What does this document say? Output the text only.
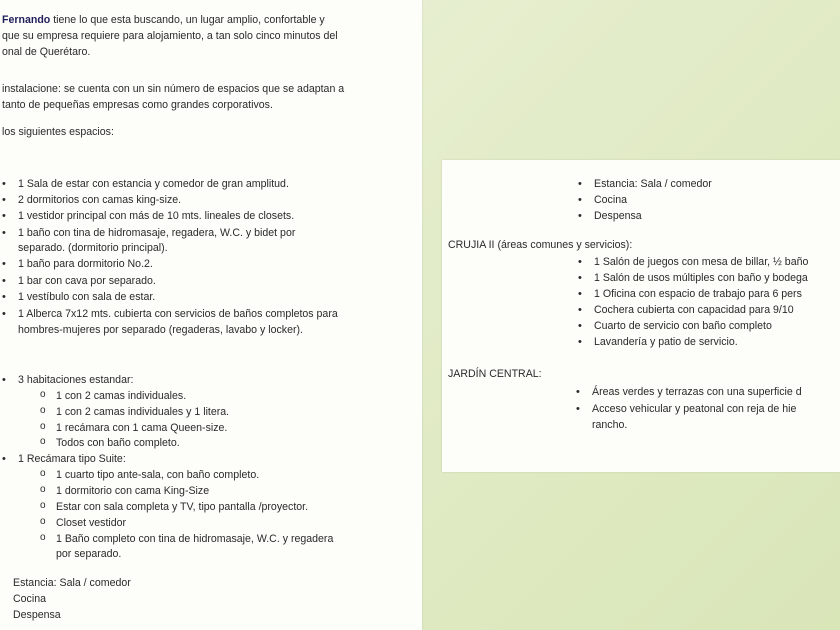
Fernando tiene lo que esta buscando, un lugar amplio, confortable y
que su empresa requiere para alojamiento, a tan solo cinco minutos del
onal de Querétaro.
instalacione: se cuenta con un sin número de espacios que se adaptan a
tanto de pequeñas empresas como grandes corporativos.
los siguientes espacios:
• 1 Sala de estar con estancia y comedor de gran amplitud.
• 2 dormitorios con camas king-size.
• 1 vestidor principal con más de 10 mts. lineales de closets.
• 1 baño con tina de hidromasaje, regadera, W.C. y bidet por
separado. (dormitorio principal).
• 1 baño para dormitorio No.2.
• 1 bar con cava por separado.
• 1 vestíbulo con sala de estar.
• 1 Alberca 7x12 mts. cubierta con servicios de baños completos para
hombres-mujeres por separado (regaderas, lavabo y locker).
• 3 habitaciones estandar:
o 1 con 2 camas individuales.
o 1 con 2 camas individuales y 1 litera.
o 1 recámara con 1 cama Queen-size.
o Todos con baño completo.
• 1 Recámara tipo Suite:
o 1 cuarto tipo ante-sala, con baño completo.
o 1 dormitorio con cama King-Size
o Estar con sala completa y TV, tipo pantalla /proyector.
o Closet vestidor
o 1 Baño completo con tina de hidromasaje, W.C. y regadera
por separado.
Estancia: Sala / comedor
Cocina
Despensa
• Estancia: Sala / comedor
• Cocina
• Despensa
CRUJIA II (áreas comunes y servicios):
• 1 Salón de juegos con mesa de billar, ½ baño
• 1 Salón de usos múltiples con baño y bodega
• 1 Oficina con espacio de trabajo para 6 pers
• Cochera cubierta con capacidad para 9/10
• Cuarto de servicio con baño completo
• Lavandería y patio de servicio.
JARDÍN CENTRAL:
• Áreas verdes y terrazas con una superficie d
• Acceso vehicular y peatonal con reja de hie
rancho.
